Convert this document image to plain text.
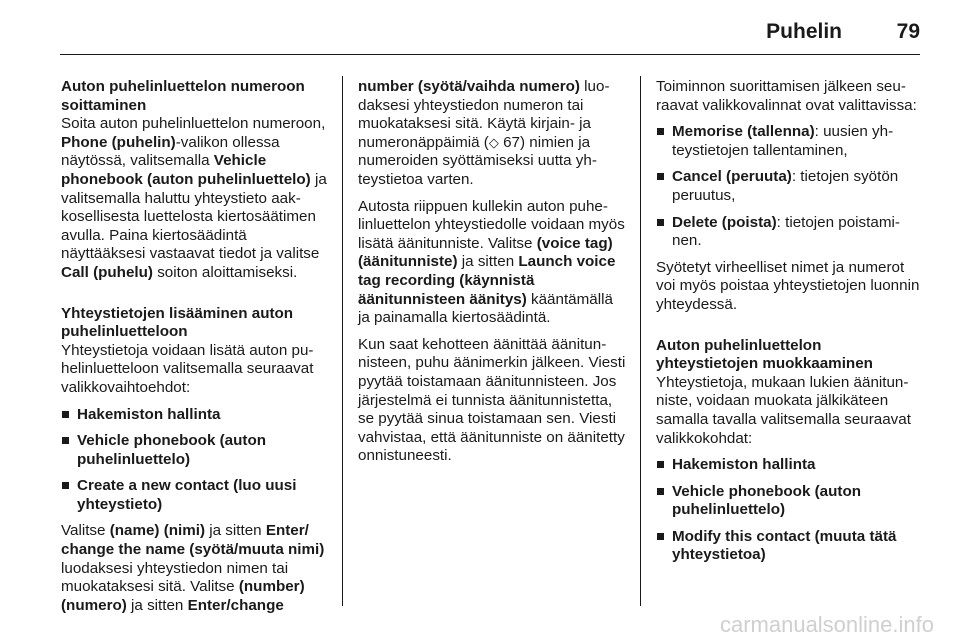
Puhelin	79

Auton puhelinluettelon numeroon soittaminen

Soita auton puhelinluettelon numeroon, Phone (puhelin)-valikon ollessa näytössä, valitsemalla Vehicle phonebook (auton puhelinluettelo) ja valitsemalla haluttu yhteystieto aakkosellisesta luettelosta kiertosäätimen avulla. Paina kiertosäädintä näyttääksesi vastaavat tiedot ja valitse Call (puhelu) soiton aloittamiseksi.

Yhteystietojen lisääminen auton puhelinluetteloon

Yhteystietoja voidaan lisätä auton puhelinluetteloon valitsemalla seuraavat valikkovaihtoehdot:

Hakemiston hallinta
Vehicle phonebook (auton puhelinluettelo)
Create a new contact (luo uusi yhteystieto)

Valitse (name) (nimi) ja sitten Enter/ change the name (syötä/muuta nimi) luodaksesi yhteystiedon nimen tai muokataksesi sitä. Valitse (number) (numero) ja sitten Enter/change

number (syötä/vaihda numero) luodaksesi yhteystiedon numeron tai muokataksesi sitä. Käytä kirjain- ja numeronäppäimiä (◇ 67) nimien ja numeroiden syöttämiseksi uutta yhteystietoa varten.

Autosta riippuen kullekin auton puhelinluettelon yhteystiedolle voidaan myös lisätä äänitunniste. Valitse (voice tag) (äänitunniste) ja sitten Launch voice tag recording (käynnistä äänitunnisteen äänitys) kääntämällä ja painamalla kiertosäädintä.

Kun saat kehotteen äänittää äänitunnisteen, puhu äänimerkin jälkeen. Viesti pyytää toistamaan äänitunnisteen. Jos järjestelmä ei tunnista äänitunnistetta, se pyytää sinua toistamaan sen. Viesti vahvistaa, että äänitunniste on äänitetty onnistuneesti.

Toiminnon suorittamisen jälkeen seuraavat valikkovalinnat ovat valittavissa:

Memorise (tallenna): uusien yhteystietojen tallentaminen,
Cancel (peruuta): tietojen syötön peruutus,
Delete (poista): tietojen poistaminen.

Syötetyt virheelliset nimet ja numerot voi myös poistaa yhteystietojen luonnin yhteydessä.

Auton puhelinluettelon yhteystietojen muokkaaminen

Yhteystietoja, mukaan lukien äänitunniste, voidaan muokata jälkikäteen samalla tavalla valitsemalla seuraavat valikkokohdat:

Hakemiston hallinta
Vehicle phonebook (auton puhelinluettelo)
Modify this contact (muuta tätä yhteystietoa)
carmanualsonline.info
